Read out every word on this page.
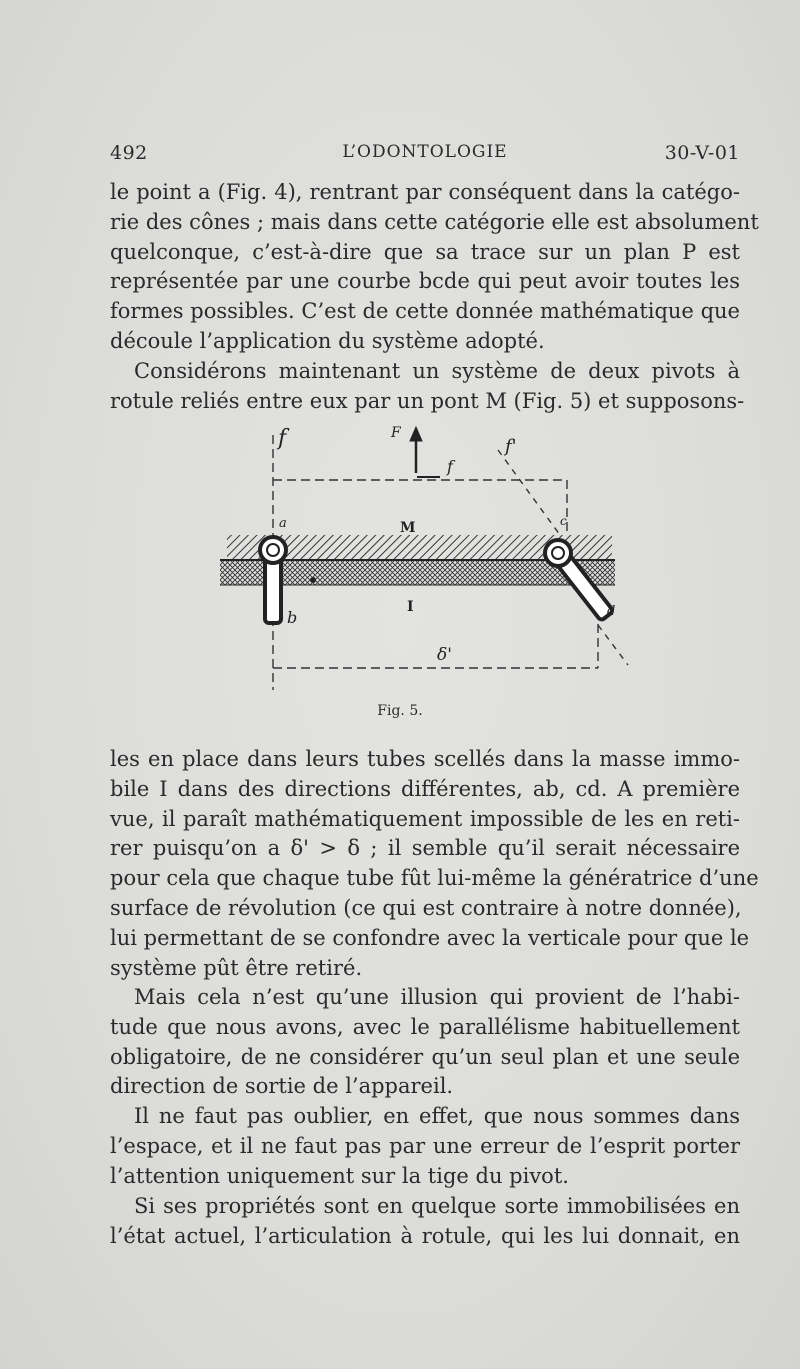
492	L’ODONTOLOGIE	30-V-01
le point a (Fig. 4), rentrant par conséquent dans la catégo-
rie des cônes ; mais dans cette catégorie elle est absolument
quelconque, c’est-à-dire que sa trace sur un plan P est
représentée par une courbe bcde qui peut avoir toutes les
formes possibles. C’est de cette donnée mathématique que
découle l’application du système adopté.
Considérons maintenant un système de deux pivots à
rotule reliés entre eux par un pont M (Fig. 5) et supposons-
f	F
f
f'
a	M	c
b
I	d
δ'
Fig. 5.
les en place dans leurs tubes scellés dans la masse immo-
bile I dans des directions différentes, ab, cd. A première
vue, il paraît mathématiquement impossible de les en reti-
rer puisqu’on a δ' > δ ; il semble qu’il serait nécessaire
pour cela que chaque tube fût lui-même la génératrice d’une
surface de révolution (ce qui est contraire à notre donnée),
lui permettant de se confondre avec la verticale pour que le
système pût être retiré.
Mais cela n’est qu’une illusion qui provient de l’habi-
tude que nous avons, avec le parallélisme habituellement
obligatoire, de ne considérer qu’un seul plan et une seule
direction de sortie de l’appareil.
Il ne faut pas oublier, en effet, que nous sommes dans
l’espace, et il ne faut pas par une erreur de l’esprit porter
l’attention uniquement sur la tige du pivot.
Si ses propriétés sont en quelque sorte immobilisées en
l’état actuel, l’articulation à rotule, qui les lui donnait, en
